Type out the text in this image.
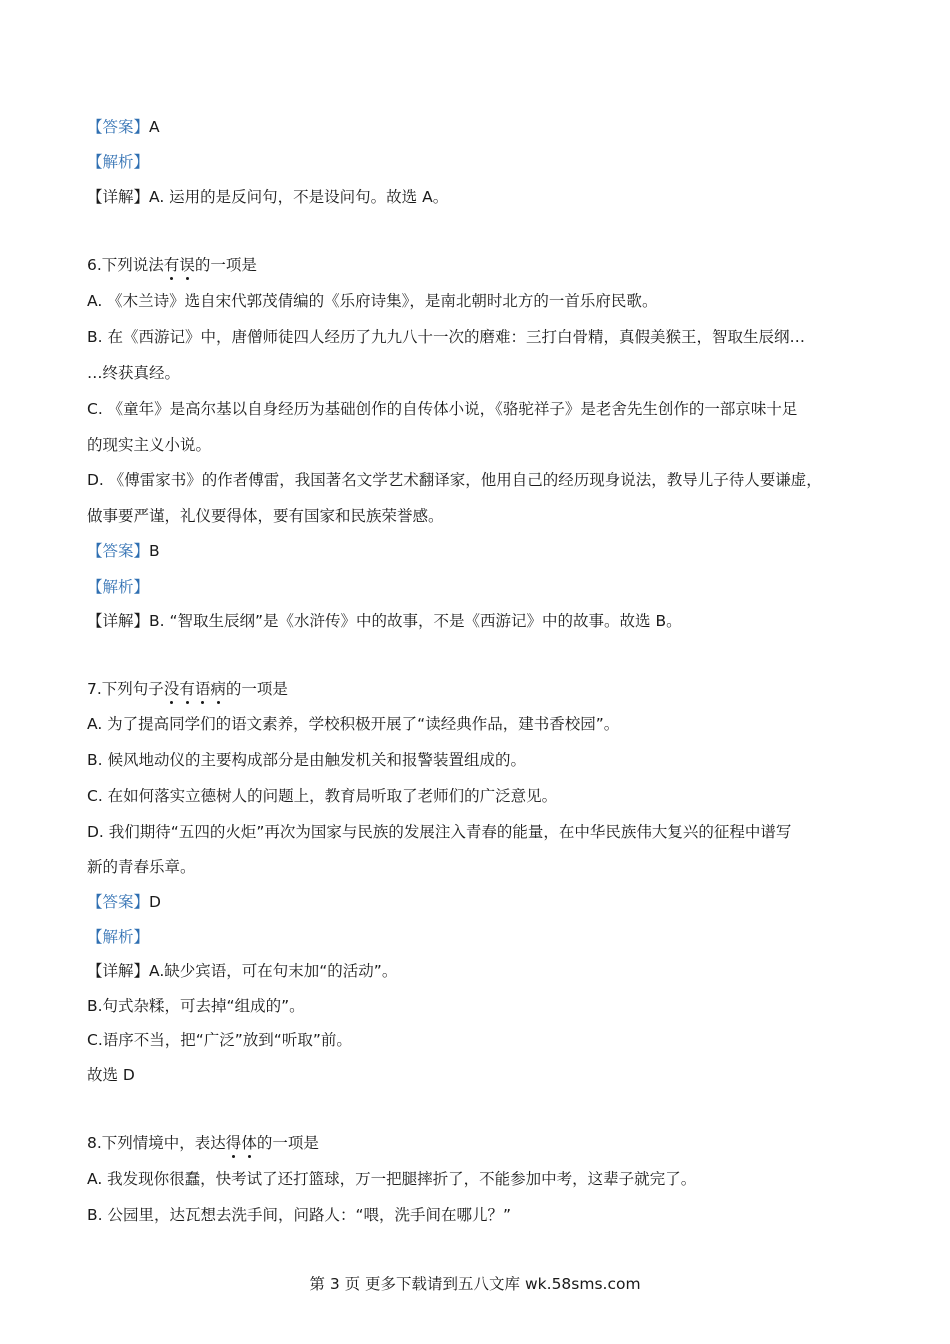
【答案】A
【解析】
【详解】A. 运用的是反问句，不是设问句。故选 A。
6.下列说法有误的一项是
A. 《木兰诗》选自宋代郭茂倩编的《乐府诗集》，是南北朝时北方的一首乐府民歌。
B. 在《西游记》中，唐僧师徒四人经历了九九八十一次的磨难：三打白骨精，真假美猴王，智取生辰纲…
…终获真经。
C. 《童年》是高尔基以自身经历为基础创作的自传体小说，《骆驼祥子》是老舍先生创作的一部京味十足
的现实主义小说。
D. 《傅雷家书》的作者傅雷，我国著名文学艺术翻译家，他用自己的经历现身说法，教导儿子待人要谦虚，
做事要严谨，礼仪要得体，要有国家和民族荣誉感。
【答案】B
【解析】
【详解】B. “智取生辰纲”是《水浒传》中的故事，不是《西游记》中的故事。故选 B。
7.下列句子没有语病的一项是
A. 为了提高同学们的语文素养，学校积极开展了“读经典作品，建书香校园”。
B. 候风地动仪的主要构成部分是由触发机关和报警装置组成的。
C. 在如何落实立德树人的问题上，教育局听取了老师们的广泛意见。
D. 我们期待“五四的火炬”再次为国家与民族的发展注入青春的能量，在中华民族伟大复兴的征程中谱写
新的青春乐章。
【答案】D
【解析】
【详解】A.缺少宾语，可在句末加“的活动”。
B.句式杂糅，可去掉“组成的”。
C.语序不当，把“广泛”放到“听取”前。
故选 D
8.下列情境中，表达得体的一项是
A. 我发现你很蠢，快考试了还打篮球，万一把腿摔折了，不能参加中考，这辈子就完了。
B. 公园里，达瓦想去洗手间，问路人：“喂，洗手间在哪儿？”
第 3 页 更多下载请到五八文库 wk.58sms.com
